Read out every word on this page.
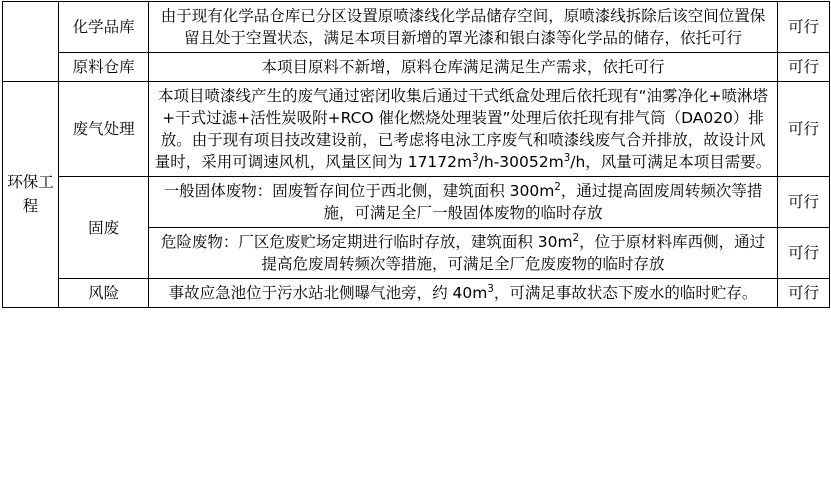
	化学品库	由于现有化学品仓库已分区设置原喷漆线化学品储存空间，原喷漆线拆除后该空间位置保留且处于空置状态，满足本项目新增的罩光漆和银白漆等化学品的储存，依托可行	可行
	原料仓库	本项目原料不新增，原料仓库满足满足生产需求，依托可行	可行
环保工程	废气处理	本项目喷漆线产生的废气通过密闭收集后通过干式纸盒处理后依托现有“油雾净化+喷淋塔+干式过滤+活性炭吸附+RCO 催化燃烧处理装置”处理后依托现有排气筒（DA020）排放。由于现有项目技改建设前，已考虑将电泳工序废气和喷漆线废气合并排放，故设计风量时，采用可调速风机，风量区间为 $17172m^3/h-30052m^3/h$，风量可满足本项目需要。	可行
	固废	一般固体废物：固废暂存间位于西北侧，建筑面积 $300m^2$，通过提高固废周转频次等措施，可满足全厂一般固体废物的临时存放	可行
		危险废物：厂区危废贮场定期进行临时存放，建筑面积 $30m^2$，位于原材料库西侧，通过提高危废周转频次等措施，可满足全厂危废废物的临时存放	可行
	风险	事故应急池位于污水站北侧曝气池旁，约 $40m^3$，可满足事故状态下废水的临时贮存。	可行
